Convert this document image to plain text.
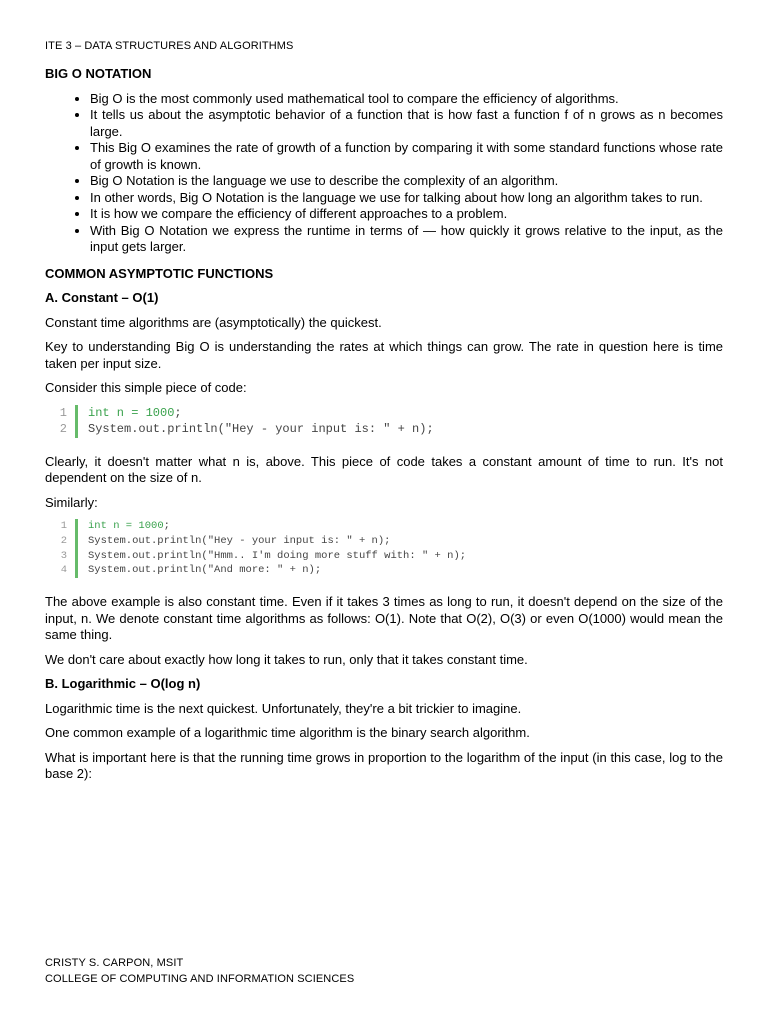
ITE 3 – DATA STRUCTURES AND ALGORITHMS
BIG O NOTATION
• Big O is the most commonly used mathematical tool to compare the efficiency of algorithms.
• It tells us about the asymptotic behavior of a function that is how fast a function f of n grows as n becomes large.
• This Big O examines the rate of growth of a function by comparing it with some standard functions whose rate of growth is known.
• Big O Notation is the language we use to describe the complexity of an algorithm.
• In other words, Big O Notation is the language we use for talking about how long an algorithm takes to run.
• It is how we compare the efficiency of different approaches to a problem.
• With Big O Notation we express the runtime in terms of — how quickly it grows relative to the input, as the input gets larger.
COMMON ASYMPTOTIC FUNCTIONS
A. Constant – O(1)

Constant time algorithms are (asymptotically) the quickest.

Key to understanding Big O is understanding the rates at which things can grow. The rate in question here is time taken per input size.

Consider this simple piece of code:

1 int n = 1000;
2 System.out.println("Hey - your input is: " + n);

Clearly, it doesn't matter what n is, above. This piece of code takes a constant amount of time to run. It's not dependent on the size of n.

Similarly:

1 int n = 1000;
2 System.out.println("Hey - your input is: " + n);
3 System.out.println("Hmm.. I'm doing more stuff with: " + n);
4 System.out.println("And more: " + n);

The above example is also constant time. Even if it takes 3 times as long to run, it doesn't depend on the size of the input, n. We denote constant time algorithms as follows: O(1). Note that O(2), O(3) or even O(1000) would mean the same thing.

We don't care about exactly how long it takes to run, only that it takes constant time.

B. Logarithmic – O(log n)

Logarithmic time is the next quickest. Unfortunately, they're a bit trickier to imagine.

One common example of a logarithmic time algorithm is the binary search algorithm.

What is important here is that the running time grows in proportion to the logarithm of the input (in this case, log to the base 2):

CRISTY S. CARPON, MSIT
COLLEGE OF COMPUTING AND INFORMATION SCIENCES
